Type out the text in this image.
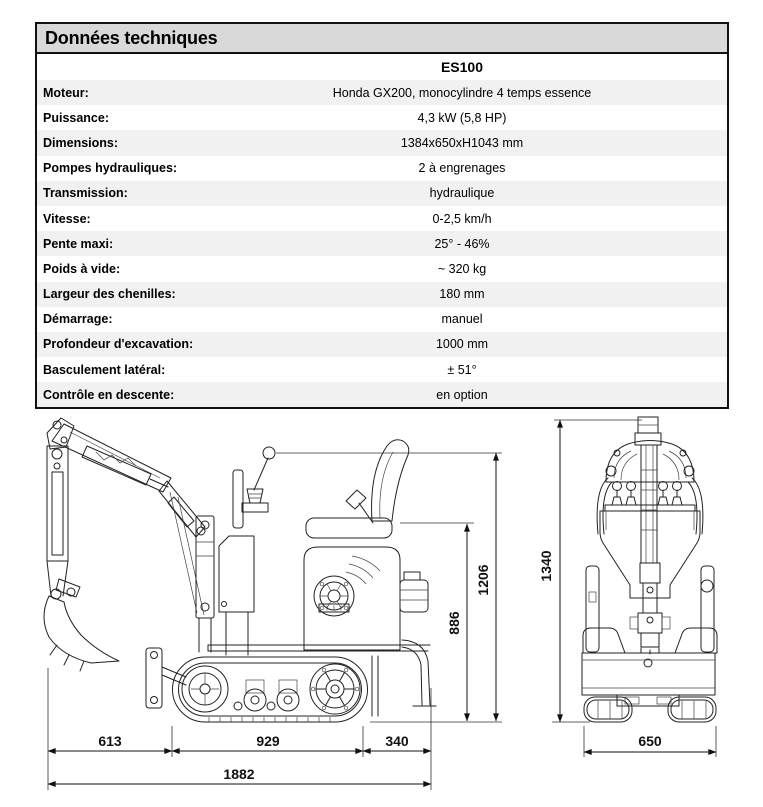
Données techniques
ES100
Moteur:	Honda GX200, monocylindre 4 temps essence
Puissance:	4,3 kW (5,8 HP)
Dimensions:	1384x650xH1043 mm
Pompes hydrauliques:	2 à engrenages
Transmission:	hydraulique
Vitesse:	0-2,5 km/h
Pente maxi:	25° - 46%
Poids à vide:	~ 320 kg
Largeur des chenilles:	180 mm
Démarrage:	manuel
Profondeur d'excavation:	1000 mm
Basculement latéral:	± 51°
Contrôle en descente:	en option
613	929	340
1882
886
1206	1340
650
